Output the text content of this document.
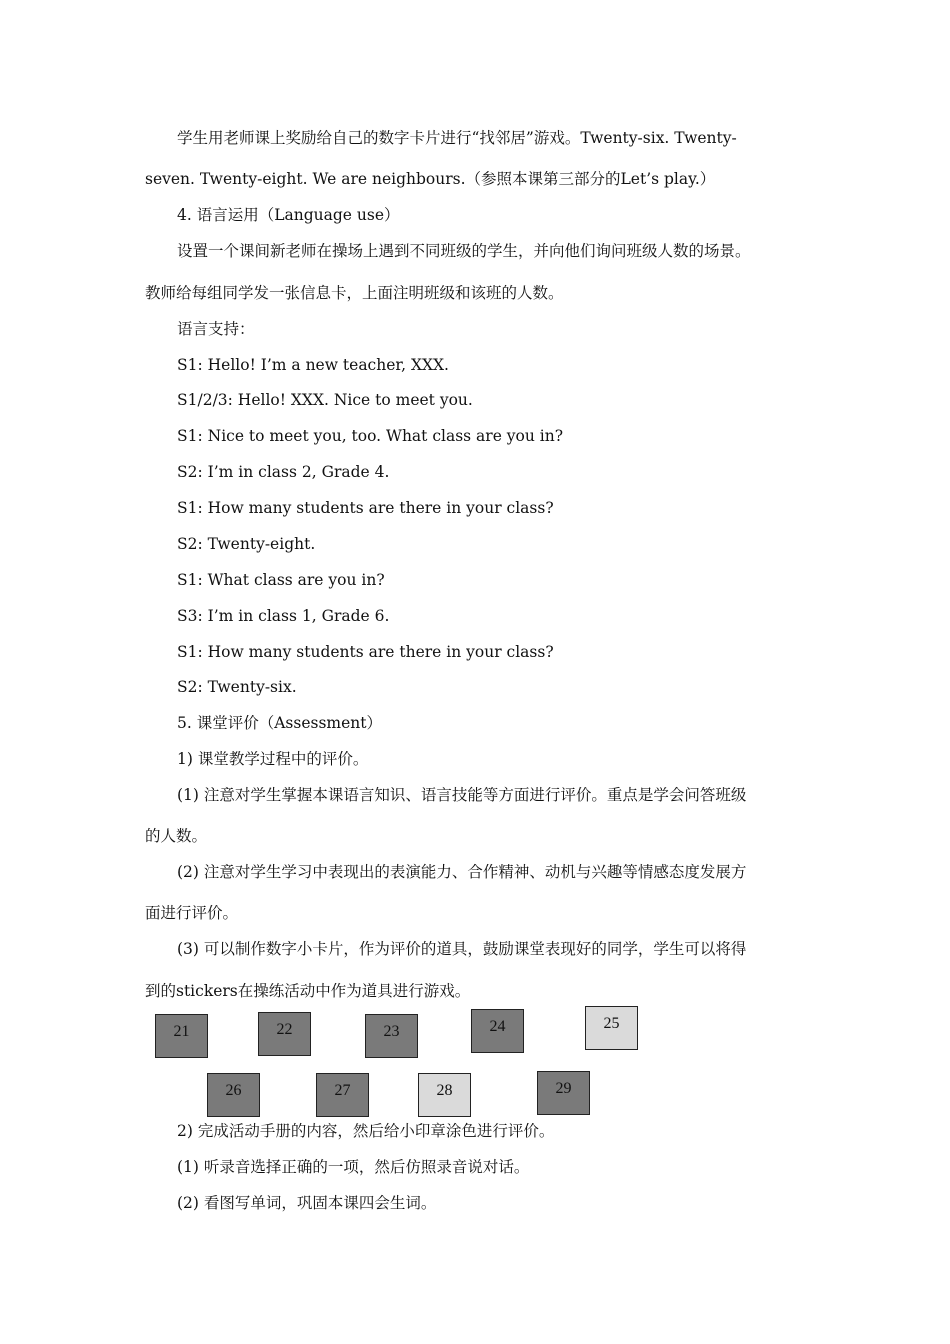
学生用老师课上奖励给自己的数字卡片进行“找邻居”游戏。Twenty-six. Twenty-
seven. Twenty-eight. We are neighbours.（参照本课第三部分的Let’s play.）
4. 语言运用（Language use）
设置一个课间新老师在操场上遇到不同班级的学生，并向他们询问班级人数的场景。
教师给每组同学发一张信息卡，上面注明班级和该班的人数。
语言支持：
S1: Hello! I’m a new teacher, XXX.
S1/2/3: Hello! XXX. Nice to meet you.
S1: Nice to meet you, too. What class are you in?
S2: I’m in class 2, Grade 4.
S1: How many students are there in your class?
S2: Twenty-eight.
S1: What class are you in?
S3: I’m in class 1, Grade 6.
S1: How many students are there in your class?
S2: Twenty-six.
5. 课堂评价（Assessment）
1) 课堂教学过程中的评价。
(1) 注意对学生掌握本课语言知识、语言技能等方面进行评价。重点是学会问答班级
的人数。
(2) 注意对学生学习中表现出的表演能力、合作精神、动机与兴趣等情感态度发展方
面进行评价。
(3) 可以制作数字小卡片，作为评价的道具，鼓励课堂表现好的同学，学生可以将得
到的stickers在操练活动中作为道具进行游戏。
21	22	23	24	25
26	27	28	29
2) 完成活动手册的内容，然后给小印章涂色进行评价。
(1) 听录音选择正确的一项，然后仿照录音说对话。
(2) 看图写单词，巩固本课四会生词。
